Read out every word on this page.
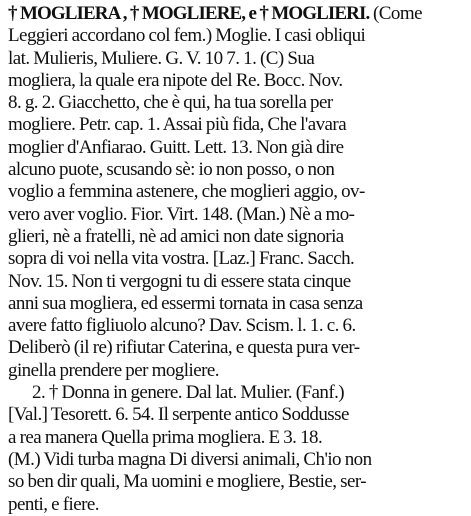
† MOGLIERA , † MOGLIERE, e † MOGLIERI. (Come
Leggieri accordano col fem.) Moglie. I casi obliqui
lat. Mulieris, Muliere. G. V. 10 7. 1. (C) Sua
mogliera, la quale era nipote del Re. Bocc. Nov.
8. g. 2. Giacchetto, che è qui, ha tua sorella per
mogliere. Petr. cap. 1. Assai più fida, Che l'avara
moglier d'Anfiarao. Guitt. Lett. 13. Non già dire
alcuno puote, scusando sè: io non posso, o non
voglio a femmina astenere, che moglieri aggio, ov-
vero aver voglio. Fior. Virt. 148. (Man.) Nè a mo-
glieri, nè a fratelli, nè ad amici non date signoria
sopra di voi nella vita vostra. [Laz.] Franc. Sacch.
Nov. 15. Non ti vergogni tu di essere stata cinque
anni sua mogliera, ed essermi tornata in casa senza
avere fatto figliuolo alcuno? Dav. Scism. l. 1. c. 6.
Deliberò (il re) rifiutar Caterina, e questa pura ver-
ginella prendere per mogliere.
2. † Donna in genere. Dal lat. Mulier. (Fanf.)
[Val.] Tesorett. 6. 54. Il serpente antico Soddusse
a rea manera Quella prima mogliera. E 3. 18.
(M.) Vidi turba magna Di diversi animali, Ch'io non
so ben dir quali, Ma uomini e mogliere, Bestie, ser-
penti, e fiere.
